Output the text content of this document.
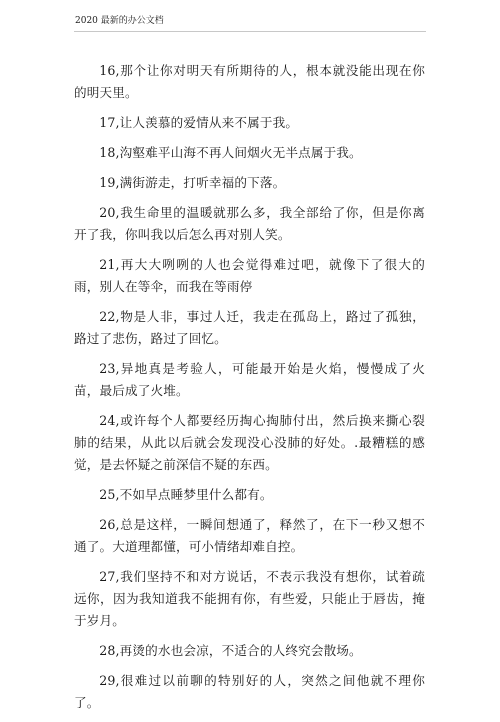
2020 最新的办公文档

16,那个让你对明天有所期待的人，根本就没能出现在你的明天里。

17,让人羡慕的爱情从来不属于我。

18,沟壑难平山海不再人间烟火无半点属于我。

19,满街游走，打听幸福的下落。

20,我生命里的温暖就那么多，我全部给了你，但是你离开了我，你叫我以后怎么再对别人笑。

21,再大大咧咧的人也会觉得难过吧，就像下了很大的雨，别人在等伞，而我在等雨停

22,物是人非，事过人迁，我走在孤岛上，路过了孤独，路过了悲伤，路过了回忆。

23,异地真是考验人，可能最开始是火焰，慢慢成了火苗，最后成了火堆。

24,或许每个人都要经历掏心掏肺付出，然后换来撕心裂肺的结果，从此以后就会发现没心没肺的好处。.最糟糕的感觉，是去怀疑之前深信不疑的东西。

25,不如早点睡梦里什么都有。

26,总是这样，一瞬间想通了，释然了，在下一秒又想不通了。大道理都懂，可小情绪却难自控。

27,我们坚持不和对方说话，不表示我没有想你，试着疏远你，因为我知道我不能拥有你，有些爱，只能止于唇齿，掩于岁月。

28,再烫的水也会凉，不适合的人终究会散场。

29,很难过以前聊的特别好的人，突然之间他就不理你了。
